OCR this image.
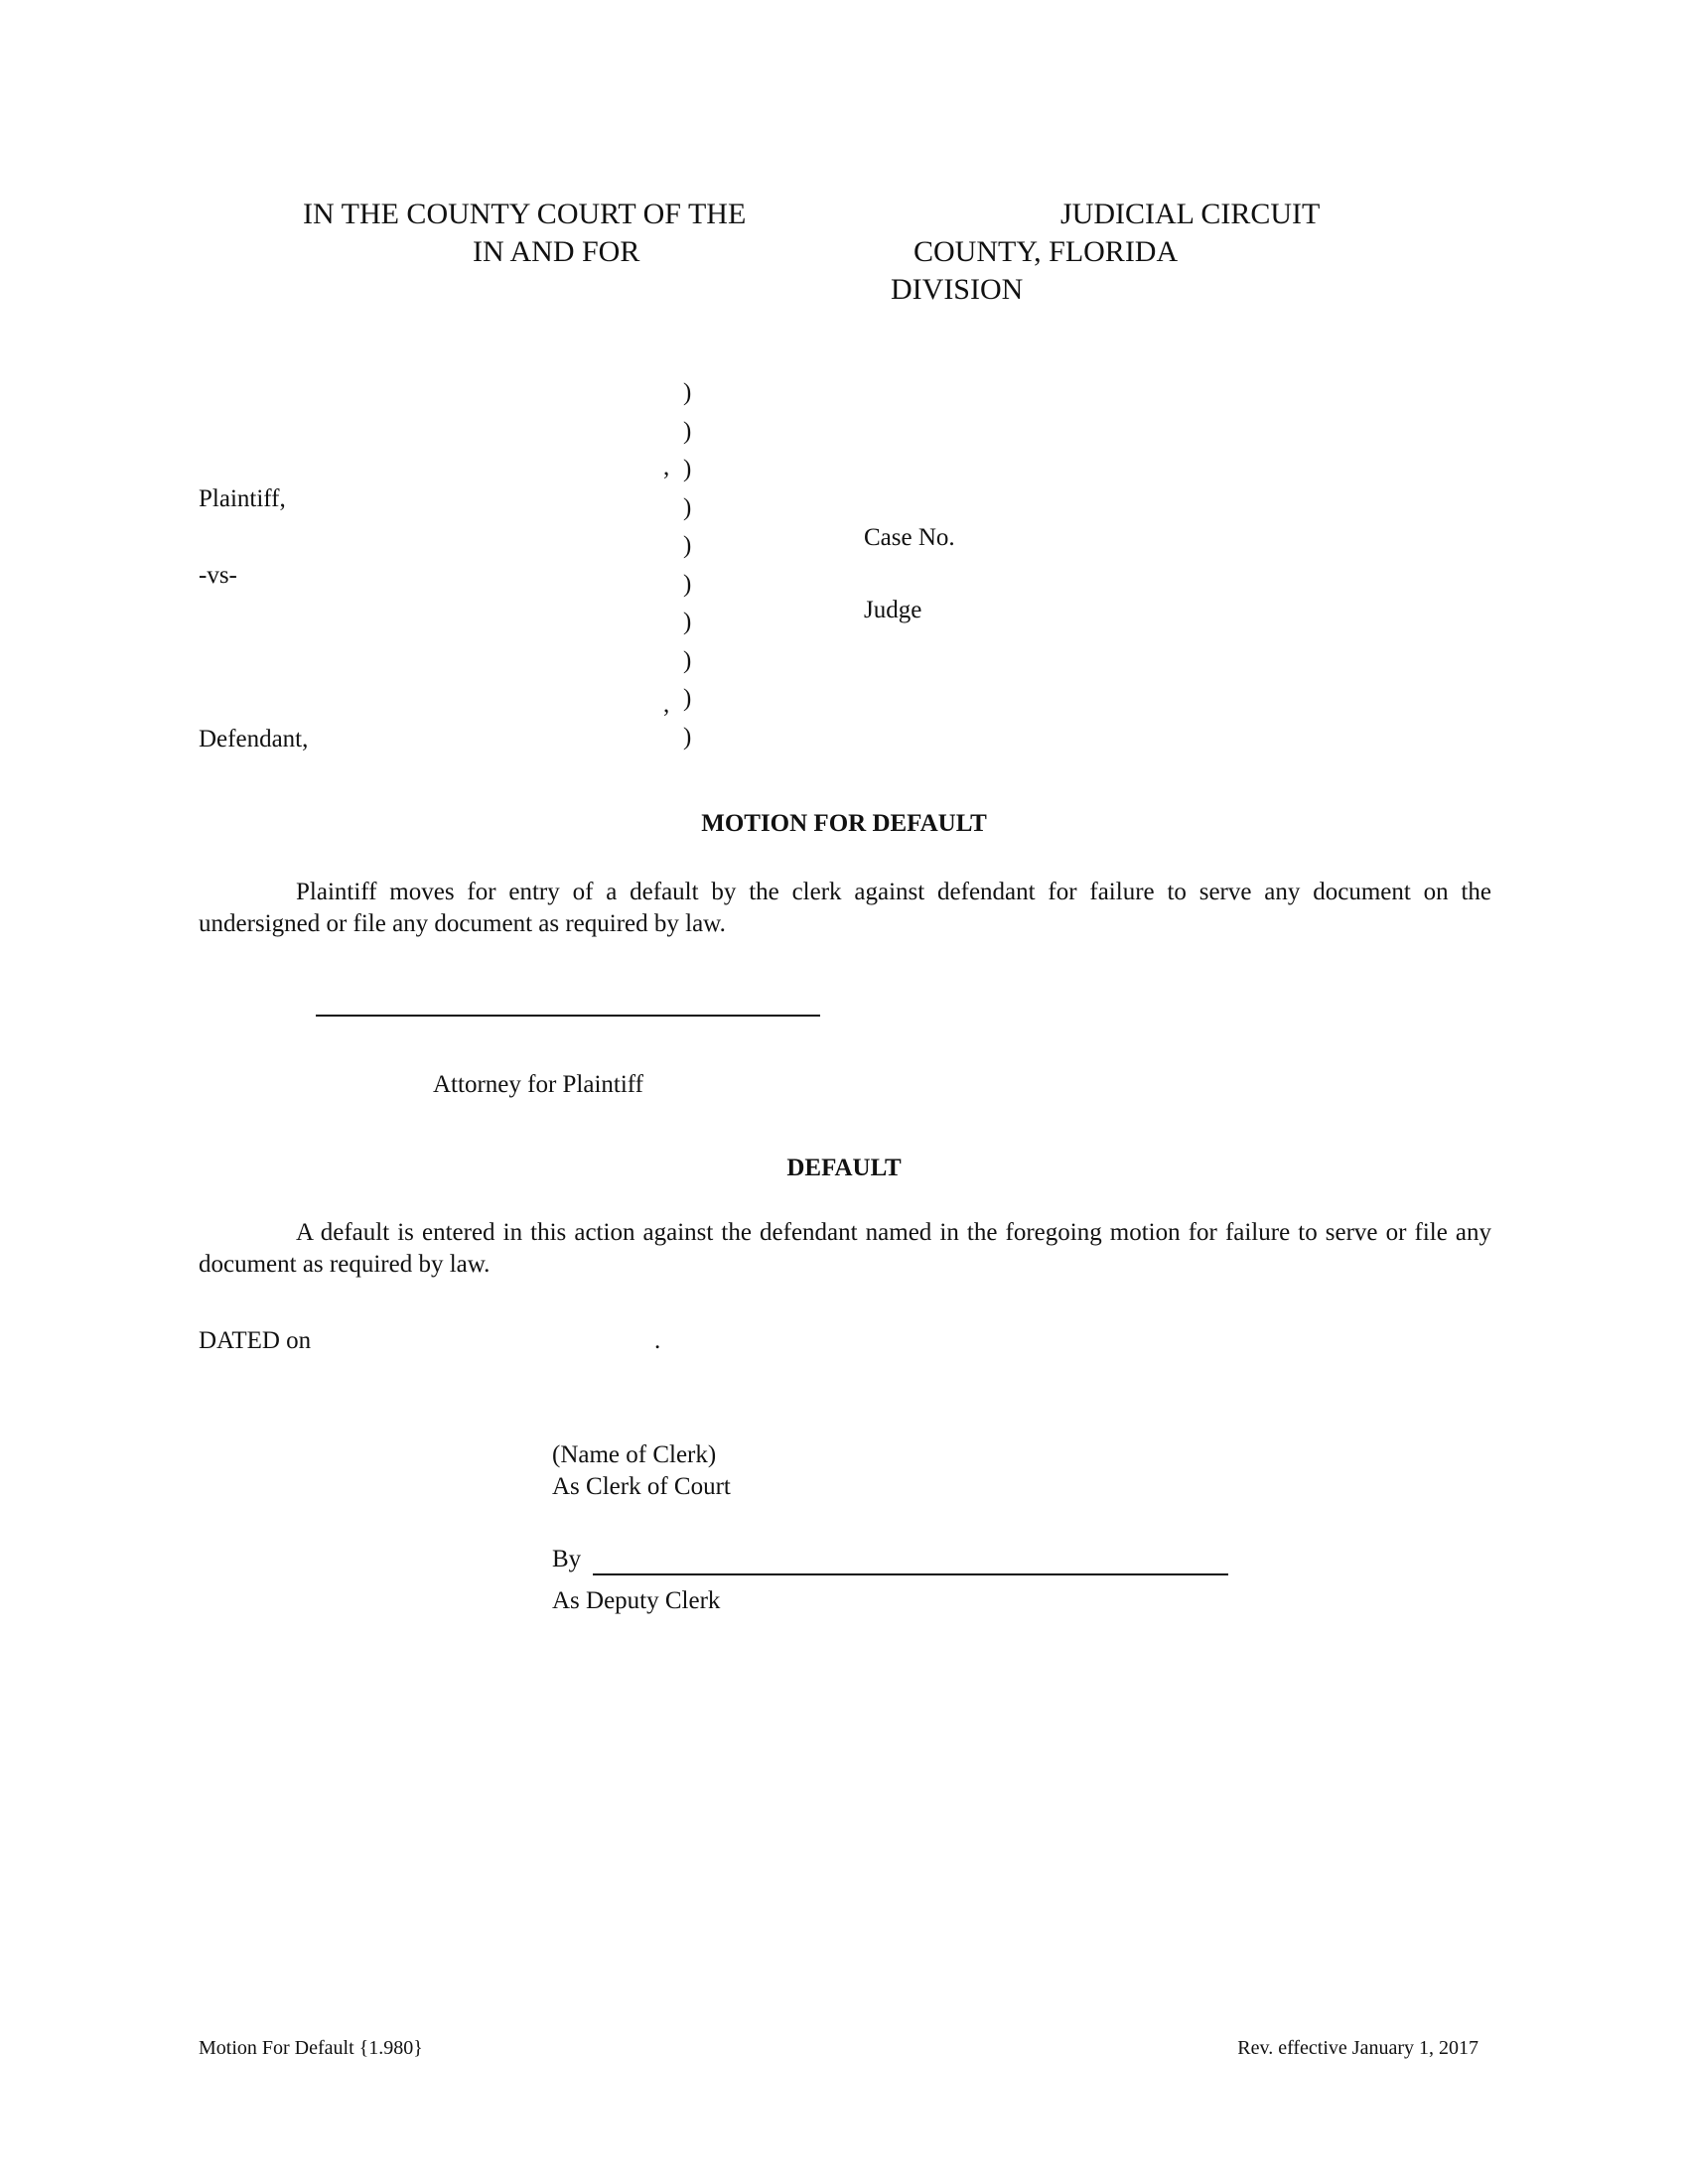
IN THE COUNTY COURT OF THE	JUDICIAL CIRCUIT
IN AND FOR	COUNTY, FLORIDA
DIVISION
)
)
)
)
)
)
)
)
)
)
,
,
Plaintiff,
-vs-
Defendant,
Case No.
Judge
MOTION FOR DEFAULT
Plaintiff moves for entry of a default by the clerk against defendant for failure to serve any document on the undersigned or file any document as required by law.
Attorney for Plaintiff
DEFAULT
A default is entered in this action against the defendant named in the foregoing motion for failure to serve or file any document as required by law.
DATED on	.
(Name of Clerk)
As Clerk of Court
By
As Deputy Clerk
Motion For Default {1.980}	Rev. effective January 1, 2017
